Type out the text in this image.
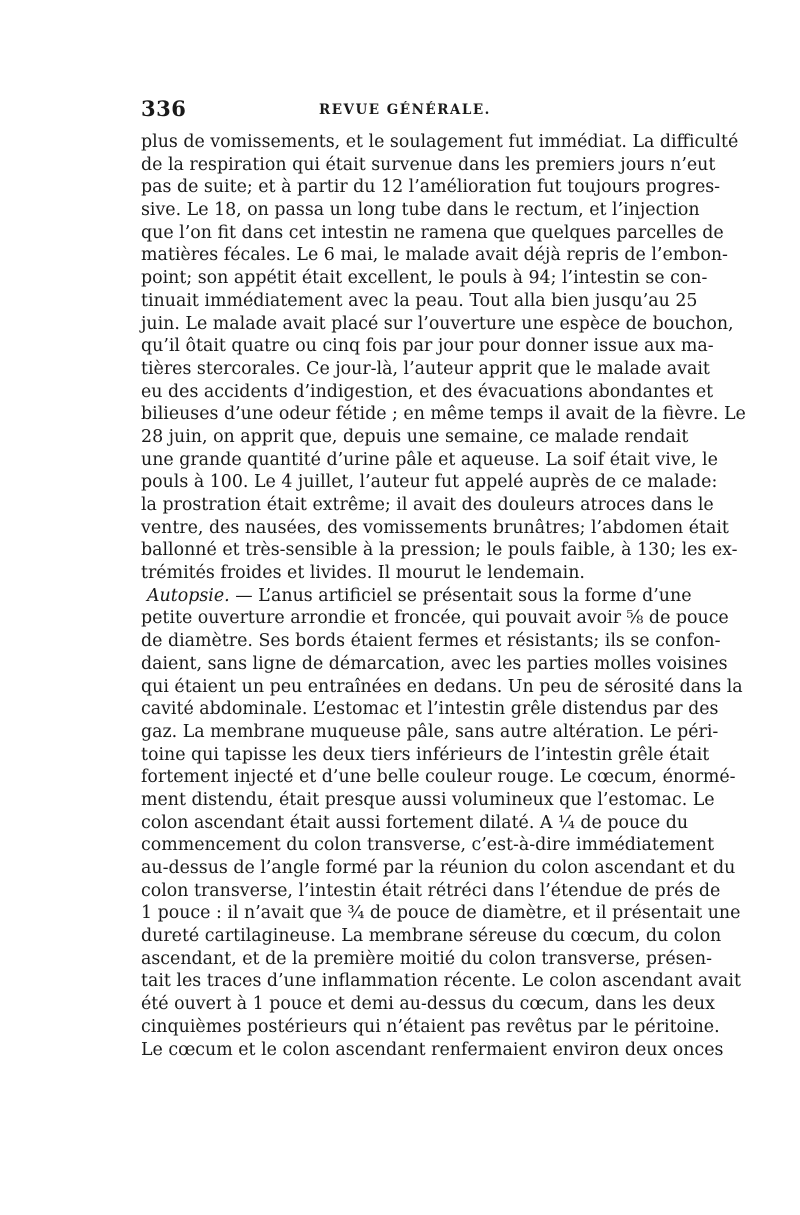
336	REVUE GÉNÉRALE.
plus de vomissements, et le soulagement fut immédiat. La difficulté
de la respiration qui était survenue dans les premiers jours n’eut
pas de suite; et à partir du 12 l’amélioration fut toujours progres-
sive. Le 18, on passa un long tube dans le rectum, et l’injection
que l’on fit dans cet intestin ne ramena que quelques parcelles de
matières fécales. Le 6 mai, le malade avait déjà repris de l’embon-
point; son appétit était excellent, le pouls à 94; l’intestin se con-
tinuait immédiatement avec la peau. Tout alla bien jusqu’au 25
juin. Le malade avait placé sur l’ouverture une espèce de bouchon,
qu’il ôtait quatre ou cinq fois par jour pour donner issue aux ma-
tières stercorales. Ce jour-là, l’auteur apprit que le malade avait
eu des accidents d’indigestion, et des évacuations abondantes et
bilieuses d’une odeur fétide ; en même temps il avait de la fièvre. Le
28 juin, on apprit que, depuis une semaine, ce malade rendait
une grande quantité d’urine pâle et aqueuse. La soif était vive, le
pouls à 100. Le 4 juillet, l’auteur fut appelé auprès de ce malade:
la prostration était extrême; il avait des douleurs atroces dans le
ventre, des nausées, des vomissements brunâtres; l’abdomen était
ballonné et très-sensible à la pression; le pouls faible, à 130; les ex-
trémités froides et livides. Il mourut le lendemain.
Autopsie. — L’anus artificiel se présentait sous la forme d’une
petite ouverture arrondie et froncée, qui pouvait avoir ⅝ de pouce
de diamètre. Ses bords étaient fermes et résistants; ils se confon-
daient, sans ligne de démarcation, avec les parties molles voisines
qui étaient un peu entraînées en dedans. Un peu de sérosité dans la
cavité abdominale. L’estomac et l’intestin grêle distendus par des
gaz. La membrane muqueuse pâle, sans autre altération. Le péri-
toine qui tapisse les deux tiers inférieurs de l’intestin grêle était
fortement injecté et d’une belle couleur rouge. Le cœcum, énormé-
ment distendu, était presque aussi volumineux que l’estomac. Le
colon ascendant était aussi fortement dilaté. A ¼ de pouce du
commencement du colon transverse, c’est-à-dire immédiatement
au-dessus de l’angle formé par la réunion du colon ascendant et du
colon transverse, l’intestin était rétréci dans l’étendue de prés de
1 pouce : il n’avait que ¾ de pouce de diamètre, et il présentait une
dureté cartilagineuse. La membrane séreuse du cœcum, du colon
ascendant, et de la première moitié du colon transverse, présen-
tait les traces d’une inflammation récente. Le colon ascendant avait
été ouvert à 1 pouce et demi au-dessus du cœcum, dans les deux
cinquièmes postérieurs qui n’étaient pas revêtus par le péritoine.
Le cœcum et le colon ascendant renfermaient environ deux onces
